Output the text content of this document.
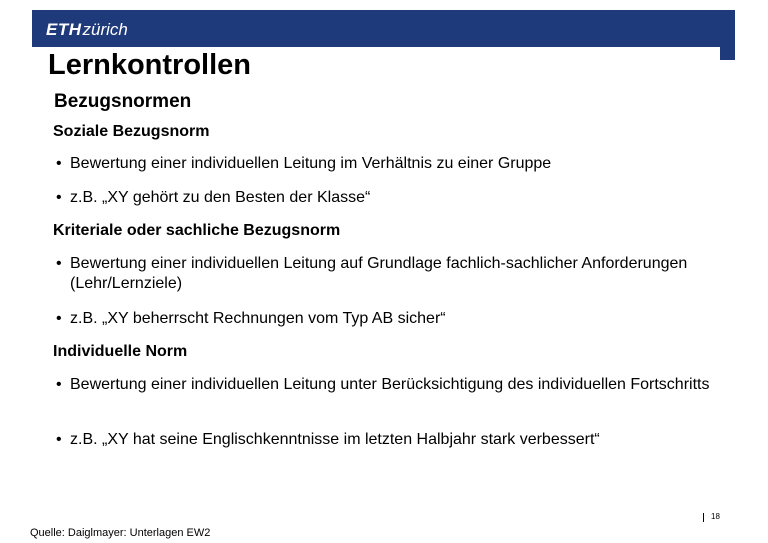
ETHzürich
Lernkontrollen
Bezugsnormen
Soziale Bezugsnorm
• Bewertung einer individuellen Leitung im Verhältnis zu einer Gruppe
• z.B. „XY gehört zu den Besten der Klasse“
Kriteriale oder sachliche Bezugsnorm
• Bewertung einer individuellen Leitung auf Grundlage fachlich-sachlicher Anforderungen (Lehr/Lernziele)
• z.B. „XY beherrscht Rechnungen vom Typ AB sicher“
Individuelle Norm
• Bewertung einer individuellen Leitung unter Berücksichtigung des individuellen Fortschritts
• z.B. „XY hat seine Englischkenntnisse im letzten Halbjahr stark verbessert“
Quelle: Daiglmayer: Unterlagen EW2
18
